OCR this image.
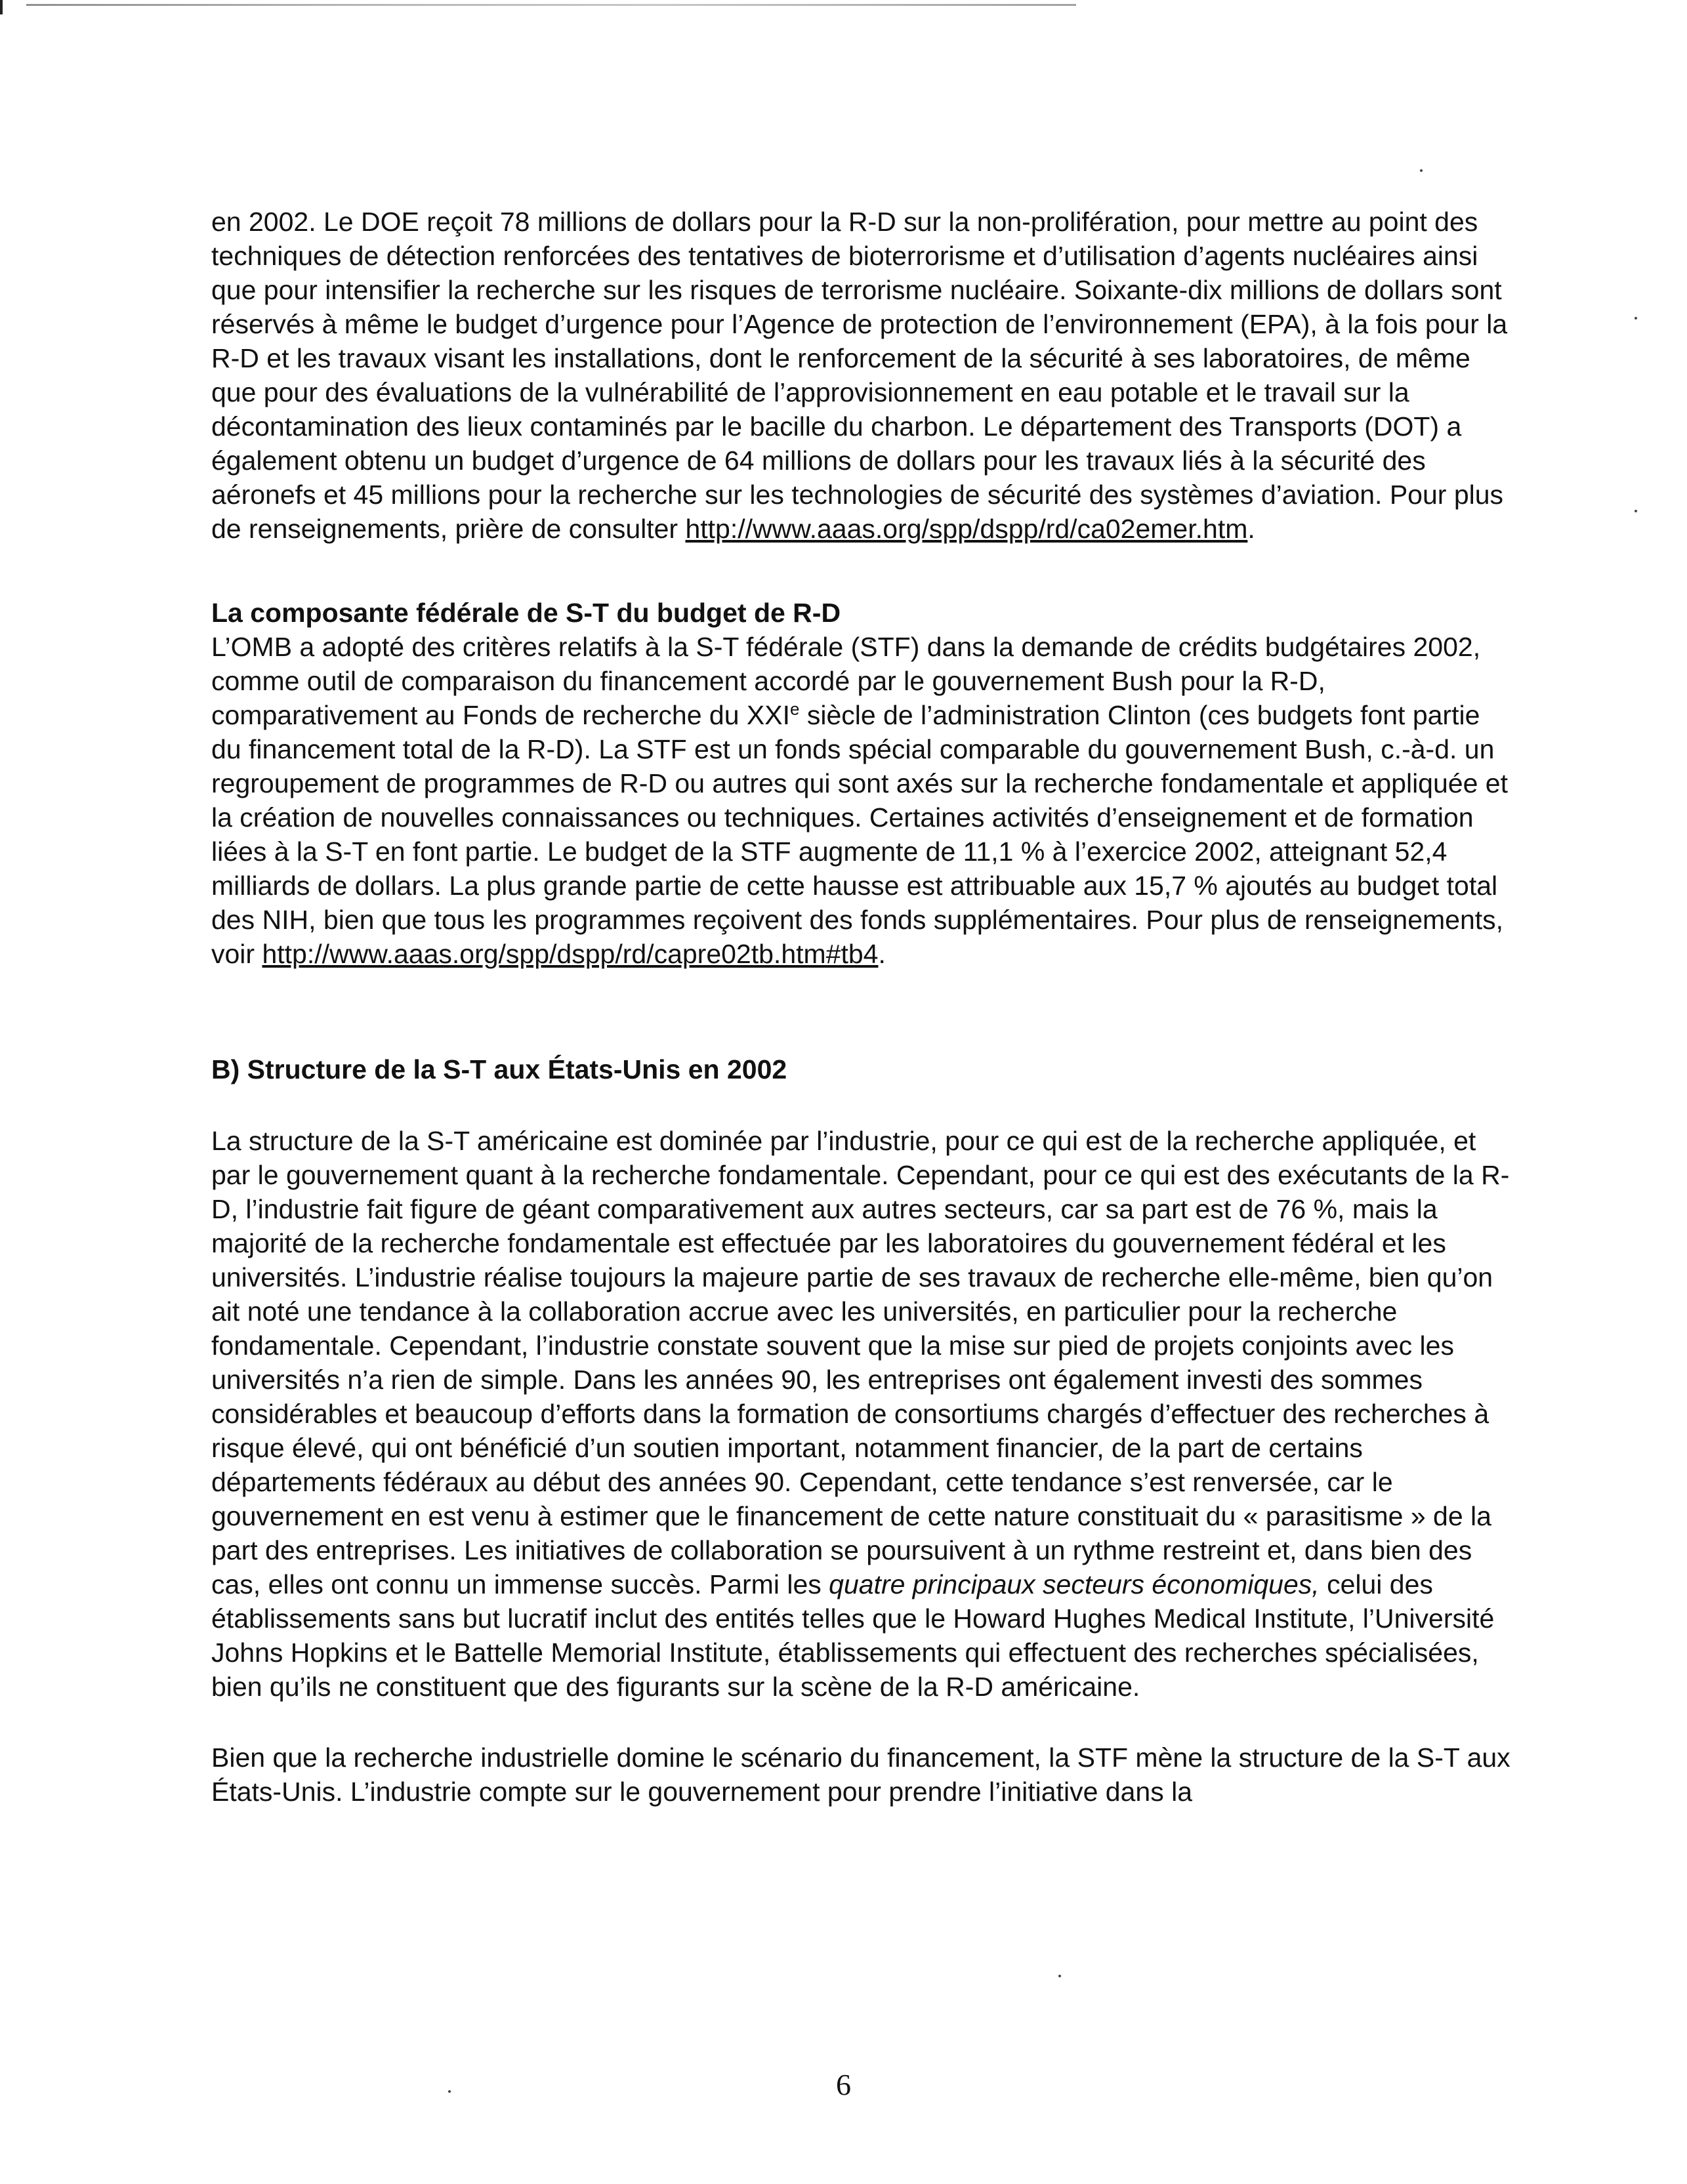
en 2002. Le DOE reçoit 78 millions de dollars pour la R-D sur la non-prolifération, pour mettre au point des techniques de détection renforcées des tentatives de bioterrorisme et d’utilisation d’agents nucléaires ainsi que pour intensifier la recherche sur les risques de terrorisme nucléaire. Soixante-dix millions de dollars sont réservés à même le budget d’urgence pour l’Agence de protection de l’environnement (EPA), à la fois pour la R-D et les travaux visant les installations, dont le renforcement de la sécurité à ses laboratoires, de même que pour des évaluations de la vulnérabilité de l’approvisionnement en eau potable et le travail sur la décontamination des lieux contaminés par le bacille du charbon. Le département des Transports (DOT) a également obtenu un budget d’urgence de 64 millions de dollars pour les travaux liés à la sécurité des aéronefs et 45 millions pour la recherche sur les technologies de sécurité des systèmes d’aviation. Pour plus de renseignements, prière de consulter http://www.aaas.org/spp/dspp/rd/ca02emer.htm.

La composante fédérale de S-T du budget de R-D

L’OMB a adopté des critères relatifs à la S-T fédérale (STF) dans la demande de crédits budgétaires 2002, comme outil de comparaison du financement accordé par le gouvernement Bush pour la R-D, comparativement au Fonds de recherche du XXIe siècle de l’administration Clinton (ces budgets font partie du financement total de la R-D). La STF est un fonds spécial comparable du gouvernement Bush, c.-à-d. un regroupement de programmes de R-D ou autres qui sont axés sur la recherche fondamentale et appliquée et la création de nouvelles connaissances ou techniques. Certaines activités d’enseignement et de formation liées à la S-T en font partie. Le budget de la STF augmente de 11,1 % à l’exercice 2002, atteignant 52,4 milliards de dollars. La plus grande partie de cette hausse est attribuable aux 15,7 % ajoutés au budget total des NIH, bien que tous les programmes reçoivent des fonds supplémentaires. Pour plus de renseignements, voir http://www.aaas.org/spp/dspp/rd/capre02tb.htm#tb4.

B) Structure de la S-T aux États-Unis en 2002

La structure de la S-T américaine est dominée par l’industrie, pour ce qui est de la recherche appliquée, et par le gouvernement quant à la recherche fondamentale. Cependant, pour ce qui est des exécutants de la R-D, l’industrie fait figure de géant comparativement aux autres secteurs, car sa part est de 76 %, mais la majorité de la recherche fondamentale est effectuée par les laboratoires du gouvernement fédéral et les universités. L’industrie réalise toujours la majeure partie de ses travaux de recherche elle-même, bien qu’on ait noté une tendance à la collaboration accrue avec les universités, en particulier pour la recherche fondamentale. Cependant, l’industrie constate souvent que la mise sur pied de projets conjoints avec les universités n’a rien de simple. Dans les années 90, les entreprises ont également investi des sommes considérables et beaucoup d’efforts dans la formation de consortiums chargés d’effectuer des recherches à risque élevé, qui ont bénéficié d’un soutien important, notamment financier, de la part de certains départements fédéraux au début des années 90. Cependant, cette tendance s’est renversée, car le gouvernement en est venu à estimer que le financement de cette nature constituait du « parasitisme » de la part des entreprises. Les initiatives de collaboration se poursuivent à un rythme restreint et, dans bien des cas, elles ont connu un immense succès. Parmi les quatre principaux secteurs économiques, celui des établissements sans but lucratif inclut des entités telles que le Howard Hughes Medical Institute, l’Université Johns Hopkins et le Battelle Memorial Institute, établissements qui effectuent des recherches spécialisées, bien qu’ils ne constituent que des figurants sur la scène de la R-D américaine.

Bien que la recherche industrielle domine le scénario du financement, la STF mène la structure de la S-T aux États-Unis. L’industrie compte sur le gouvernement pour prendre l’initiative dans la

6
